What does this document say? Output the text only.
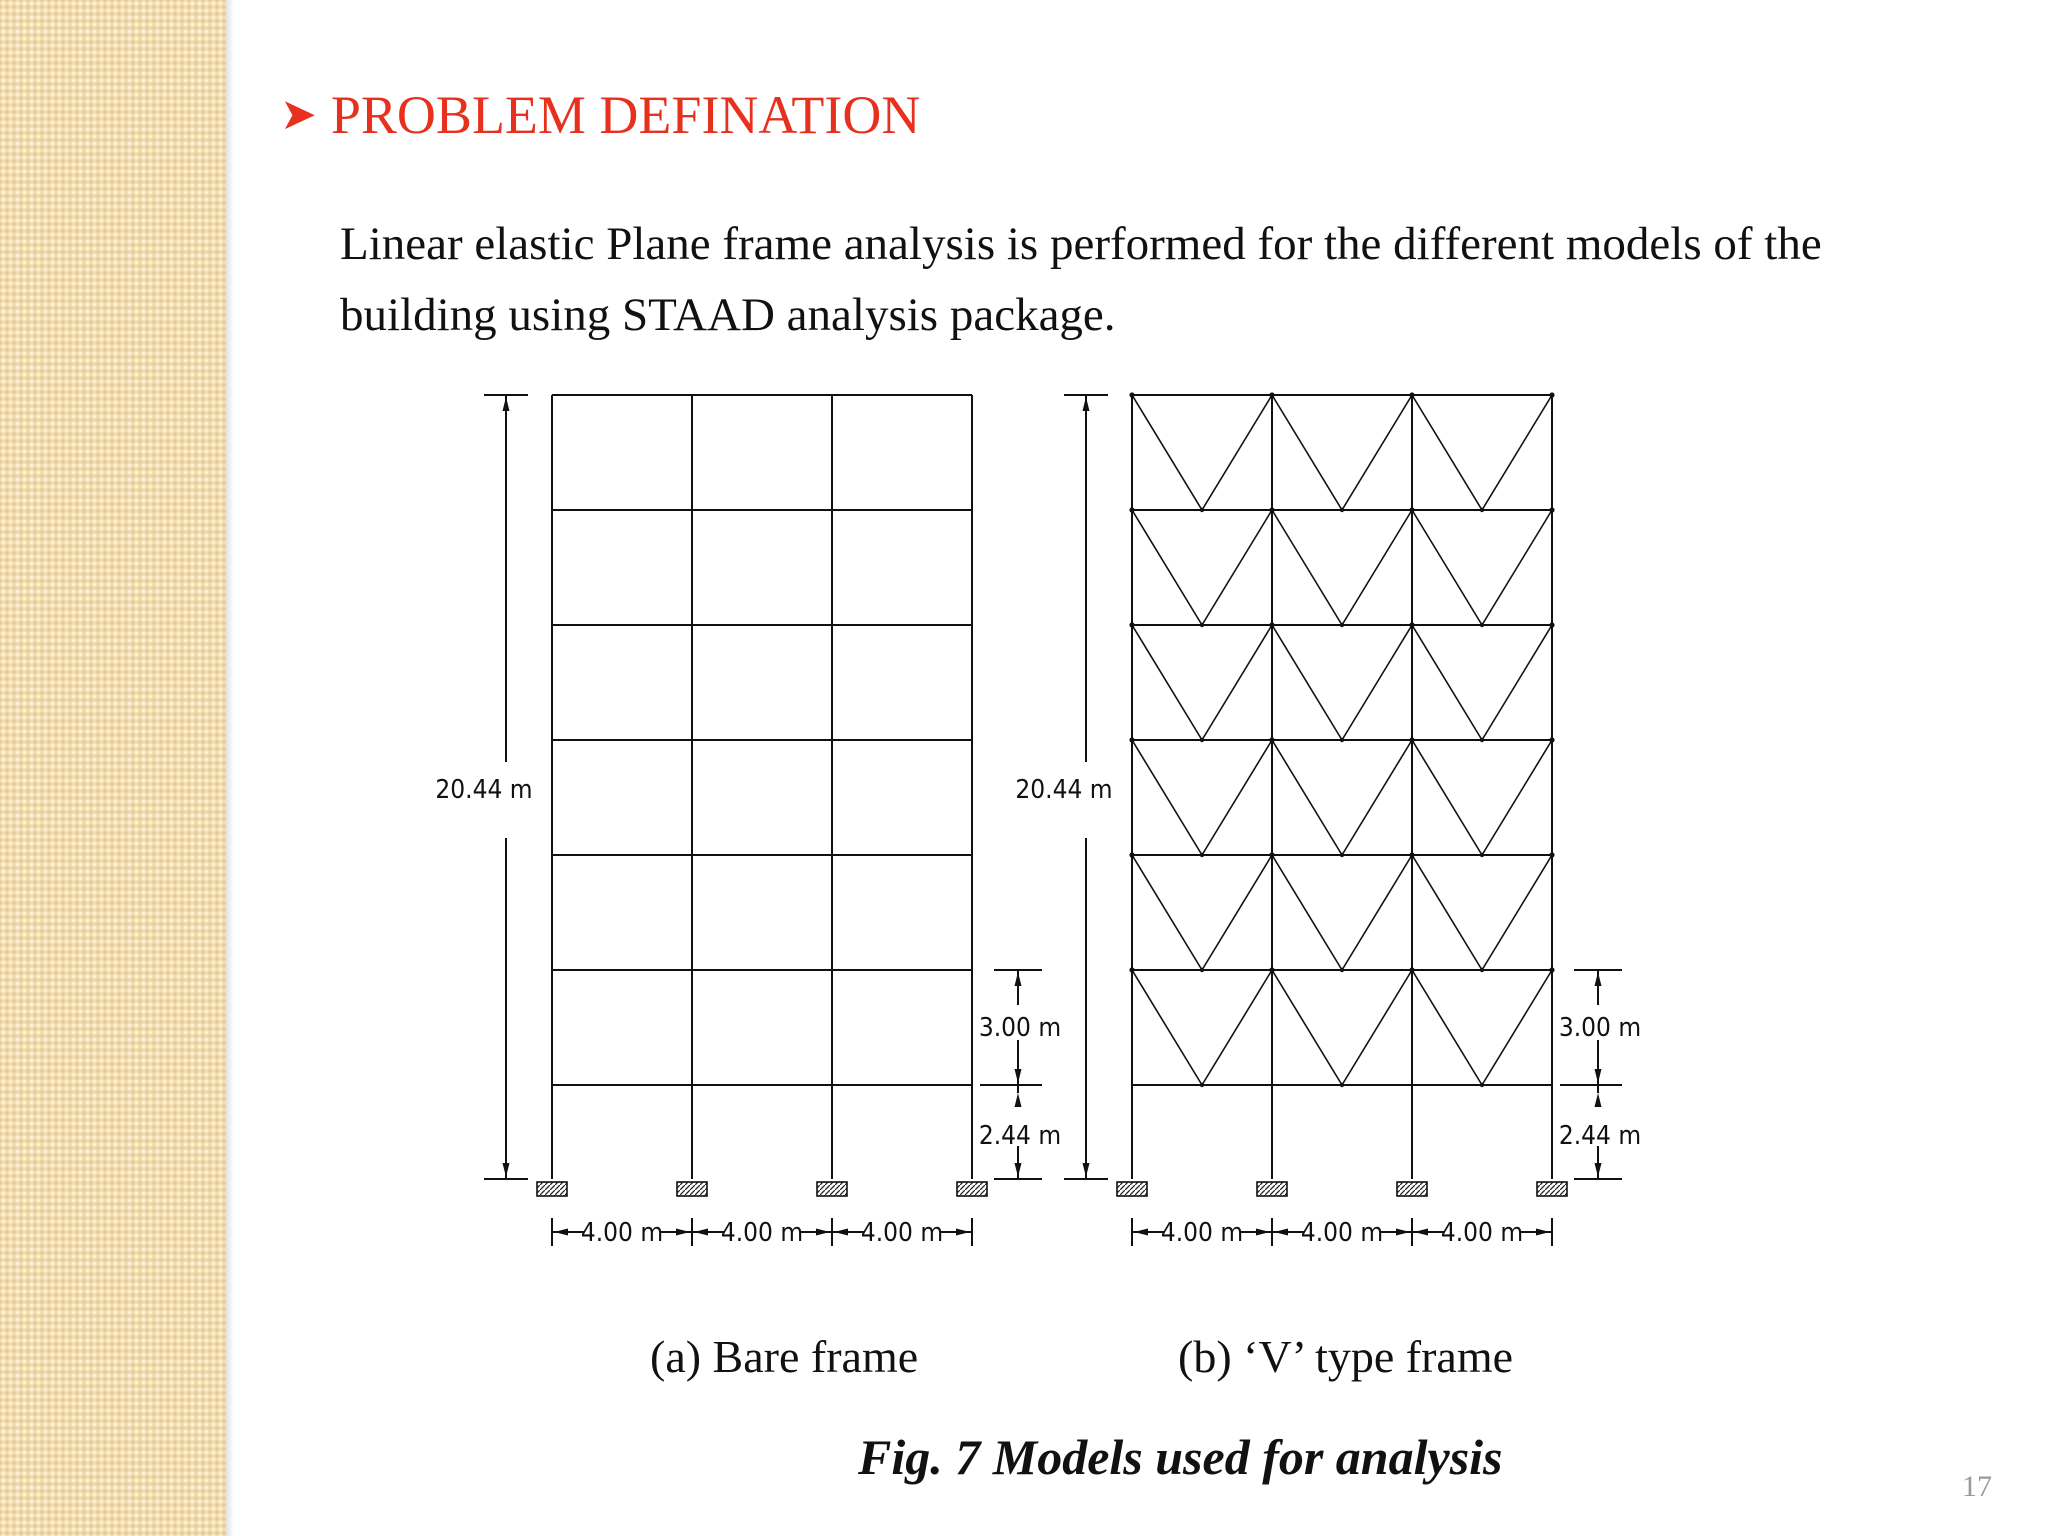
➤ PROBLEM DEFINATION
Linear elastic Plane frame analysis is performed for the different models of the
building using STAAD analysis package.
20.44 m
3.00 m
2.44 m
4.00 m 4.00 m 4.00 m
20.44 m
3.00 m
2.44 m
4.00 m 4.00 m 4.00 m
(a) Bare frame	(b) ‘V’ type frame
Fig. 7 Models used for analysis
17
